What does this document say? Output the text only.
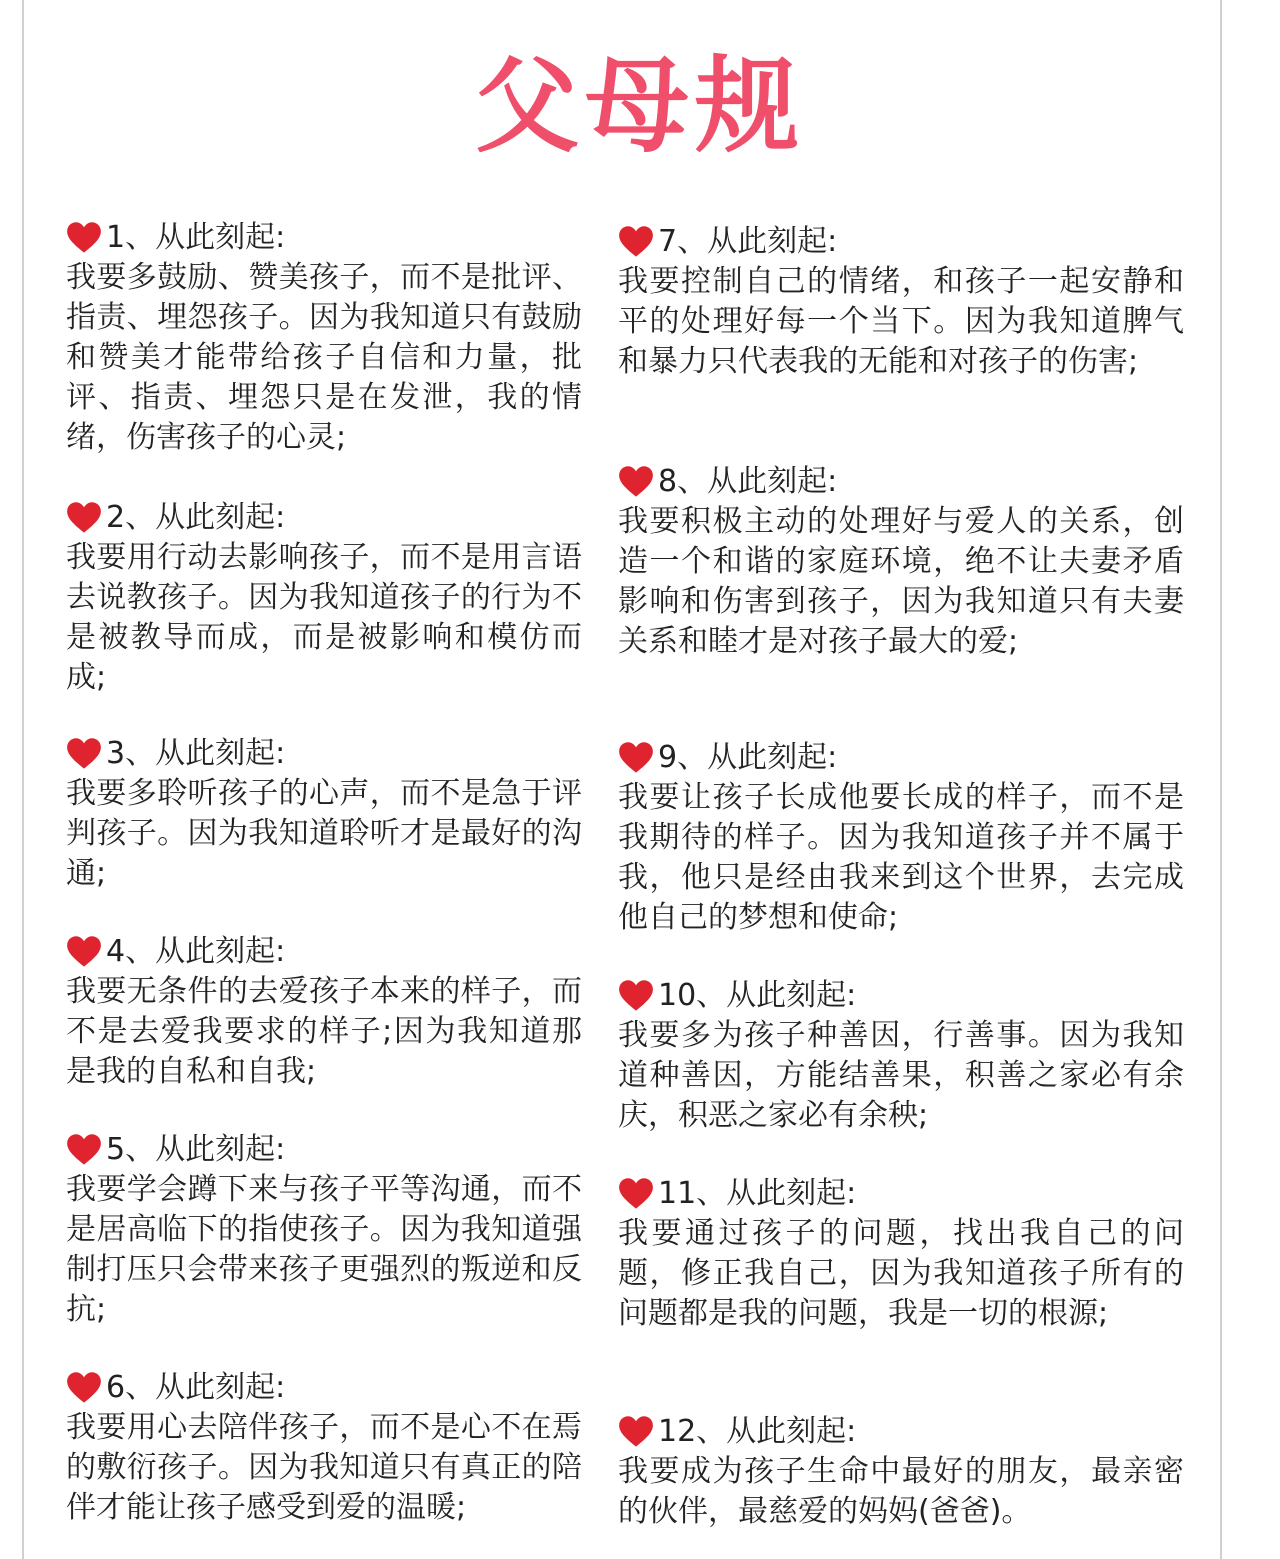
父母规
1、从此刻起:
我要多鼓励、赞美孩子，而不是批评、指责、埋怨孩子。因为我知道只有鼓励和赞美才能带给孩子自信和力量，批评、指责、埋怨只是在发泄，我的情绪，伤害孩子的心灵;
2、从此刻起:
我要用行动去影响孩子，而不是用言语去说教孩子。因为我知道孩子的行为不是被教导而成，而是被影响和模仿而成;
3、从此刻起:
我要多聆听孩子的心声，而不是急于评判孩子。因为我知道聆听才是最好的沟通;
4、从此刻起:
我要无条件的去爱孩子本来的样子，而不是去爱我要求的样子;因为我知道那是我的自私和自我;
5、从此刻起:
我要学会蹲下来与孩子平等沟通，而不是居高临下的指使孩子。因为我知道强制打压只会带来孩子更强烈的叛逆和反抗;
6、从此刻起:
我要用心去陪伴孩子，而不是心不在焉的敷衍孩子。因为我知道只有真正的陪伴才能让孩子感受到爱的温暖;
7、从此刻起:
我要控制自己的情绪，和孩子一起安静和平的处理好每一个当下。因为我知道脾气和暴力只代表我的无能和对孩子的伤害;
8、从此刻起:
我要积极主动的处理好与爱人的关系，创造一个和谐的家庭环境，绝不让夫妻矛盾影响和伤害到孩子，因为我知道只有夫妻关系和睦才是对孩子最大的爱;
9、从此刻起:
我要让孩子长成他要长成的样子，而不是我期待的样子。因为我知道孩子并不属于我，他只是经由我来到这个世界，去完成他自己的梦想和使命;
10、从此刻起:
我要多为孩子种善因，行善事。因为我知道种善因，方能结善果，积善之家必有余庆，积恶之家必有余秧;
11、从此刻起:
我要通过孩子的问题，找出我自己的问题，修正我自己，因为我知道孩子所有的问题都是我的问题，我是一切的根源;
12、从此刻起:
我要成为孩子生命中最好的朋友，最亲密的伙伴，最慈爱的妈妈(爸爸)。
